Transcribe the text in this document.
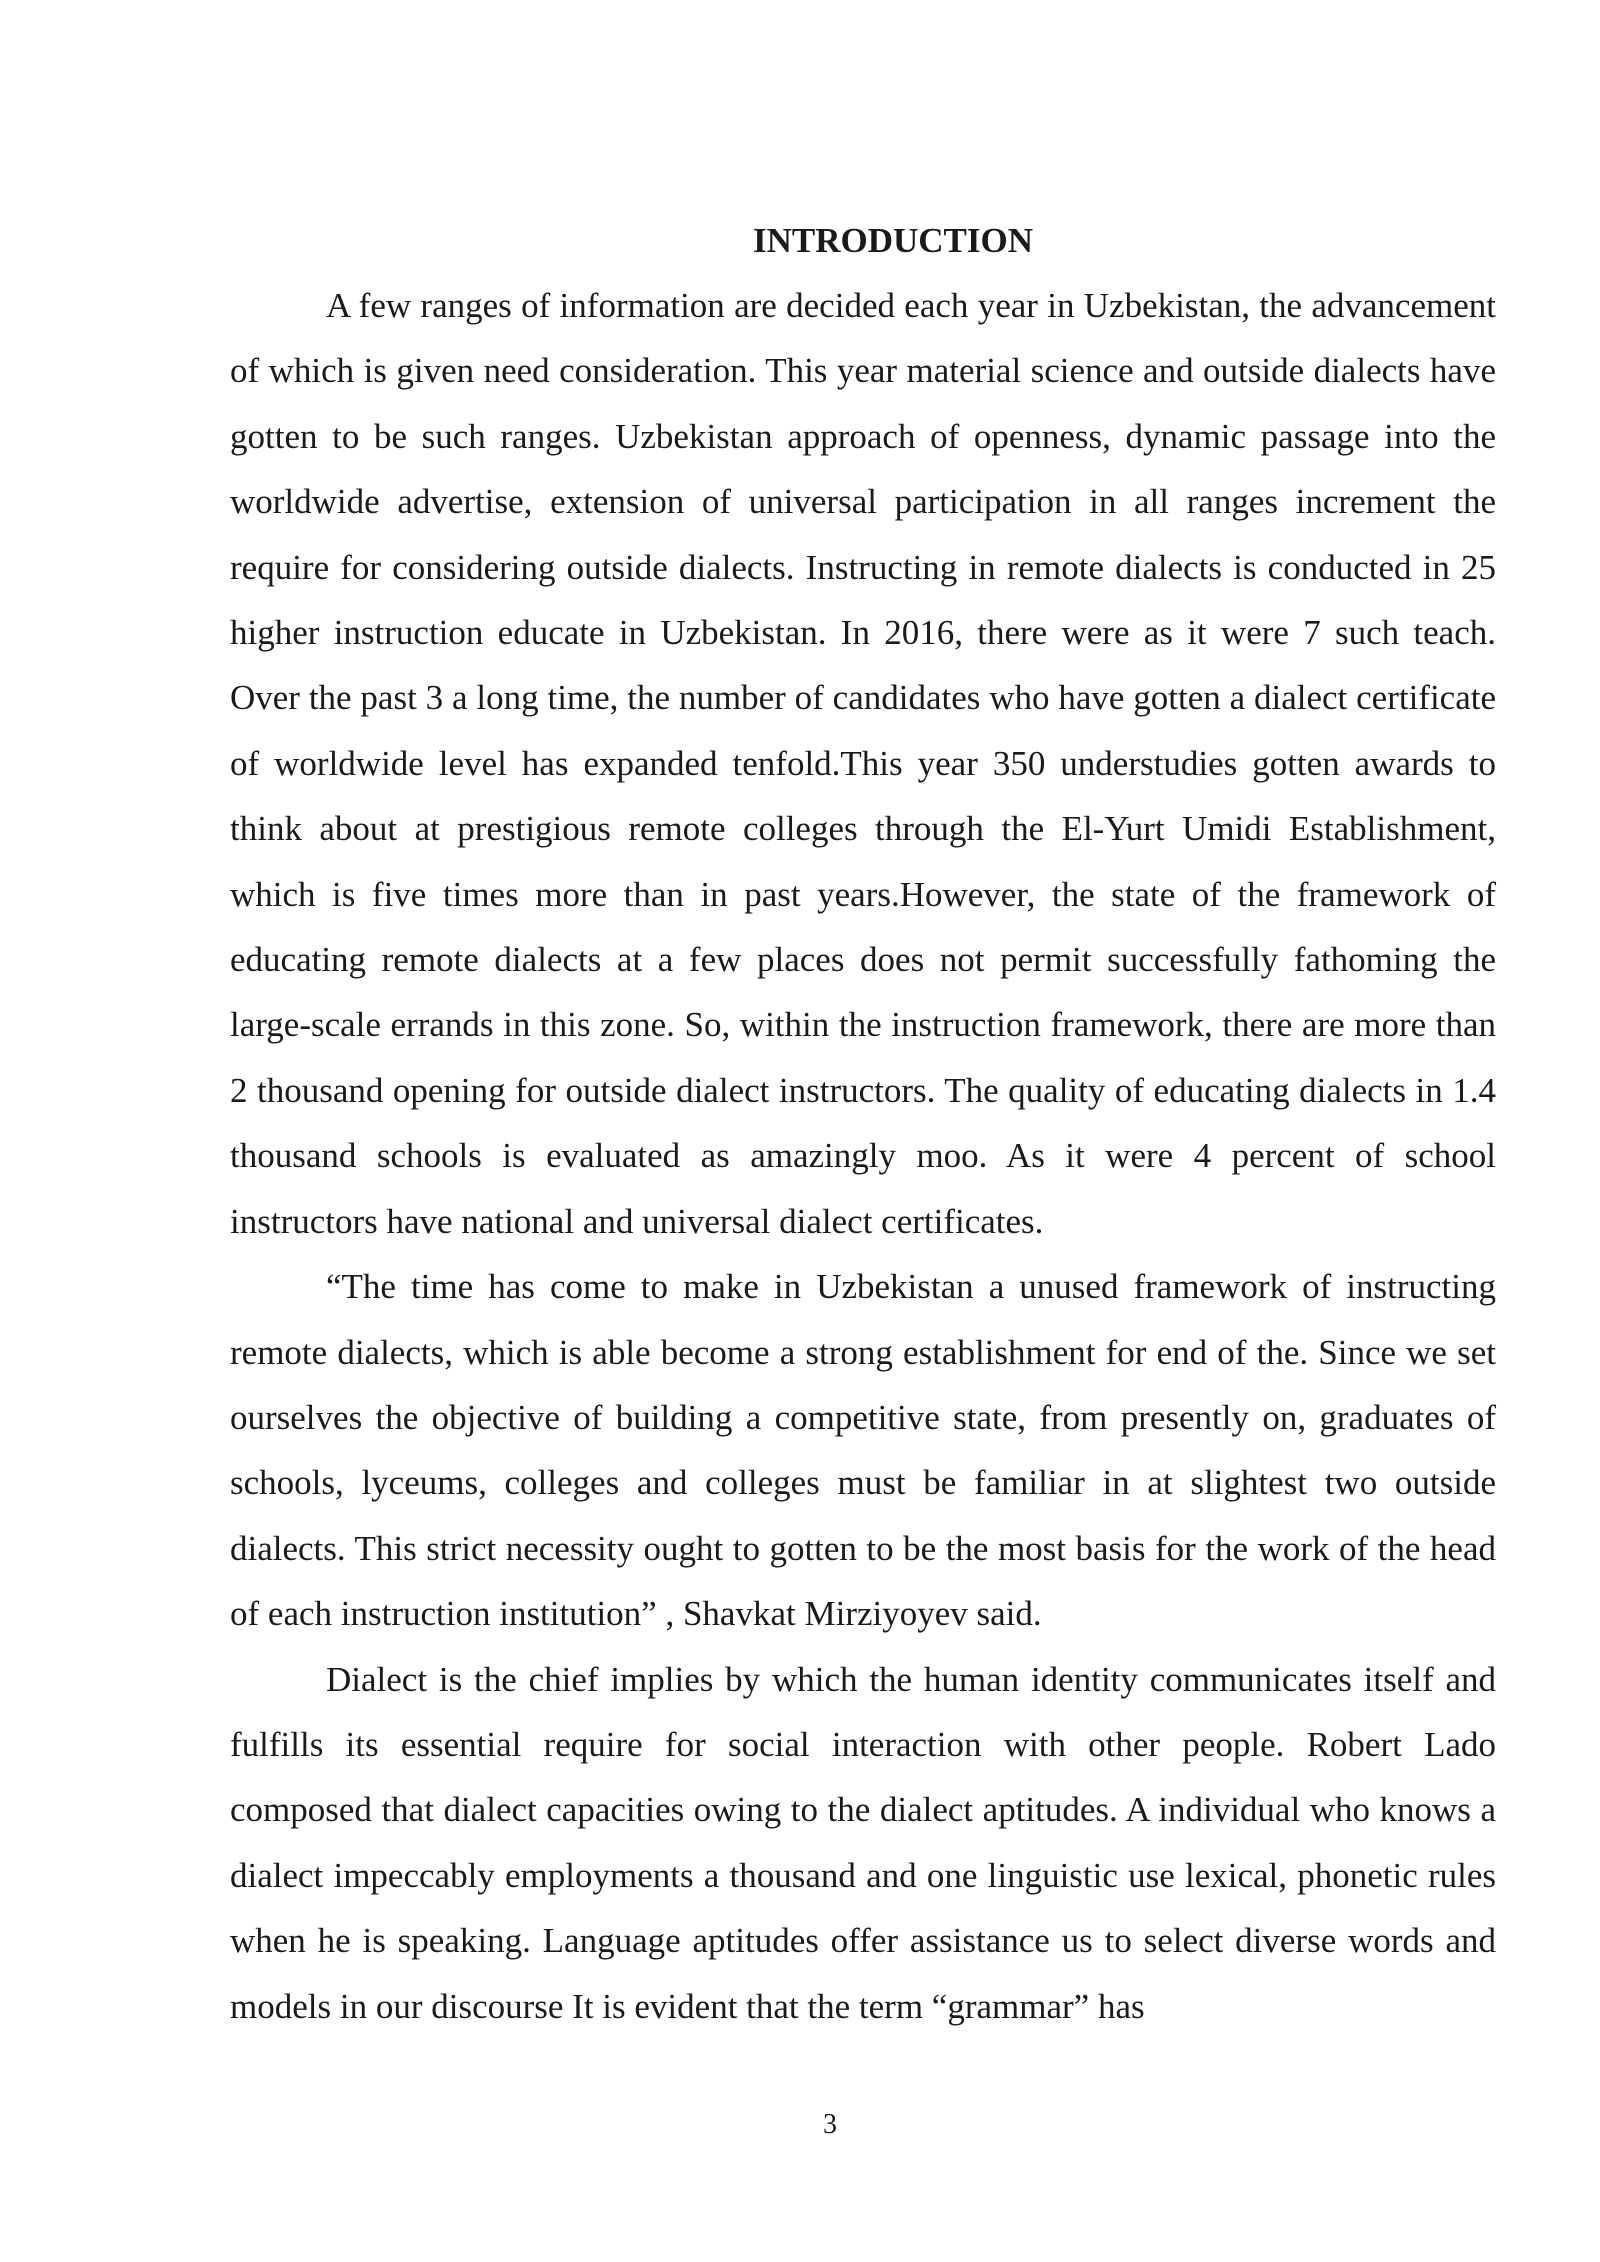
INTRODUCTION

A few ranges of information are decided each year in Uzbekistan, the advancement of which is given need consideration. This year material science and outside dialects have gotten to be such ranges. Uzbekistan approach of openness, dynamic passage into the worldwide advertise, extension of universal participation in all ranges increment the require for considering outside dialects. Instructing in remote dialects is conducted in 25 higher instruction educate in Uzbekistan. In 2016, there were as it were 7 such teach. Over the past 3 a long time, the number of candidates who have gotten a dialect certificate of worldwide level has expanded tenfold.This year 350 understudies gotten awards to think about at prestigious remote colleges through the El-Yurt Umidi Establishment, which is five times more than in past years.However, the state of the framework of educating remote dialects at a few places does not permit successfully fathoming the large-scale errands in this zone. So, within the instruction framework, there are more than 2 thousand opening for outside dialect instructors. The quality of educating dialects in 1.4 thousand schools is evaluated as amazingly moo. As it were 4 percent of school instructors have national and universal dialect certificates.

“The time has come to make in Uzbekistan a unused framework of instructing remote dialects, which is able become a strong establishment for end of the. Since we set ourselves the objective of building a competitive state, from presently on, graduates of schools, lyceums, colleges and colleges must be familiar in at slightest two outside dialects. This strict necessity ought to gotten to be the most basis for the work of the head of each instruction institution” , Shavkat Mirziyoyev said.

Dialect is the chief implies by which the human identity communicates itself and fulfills its essential require for social interaction with other people. Robert Lado composed that dialect capacities owing to the dialect aptitudes. A individual who knows a dialect impeccably employments a thousand and one linguistic use lexical, phonetic rules when he is speaking. Language aptitudes offer assistance us to select diverse words and models in our discourse It is evident that the term “grammar” has

3
